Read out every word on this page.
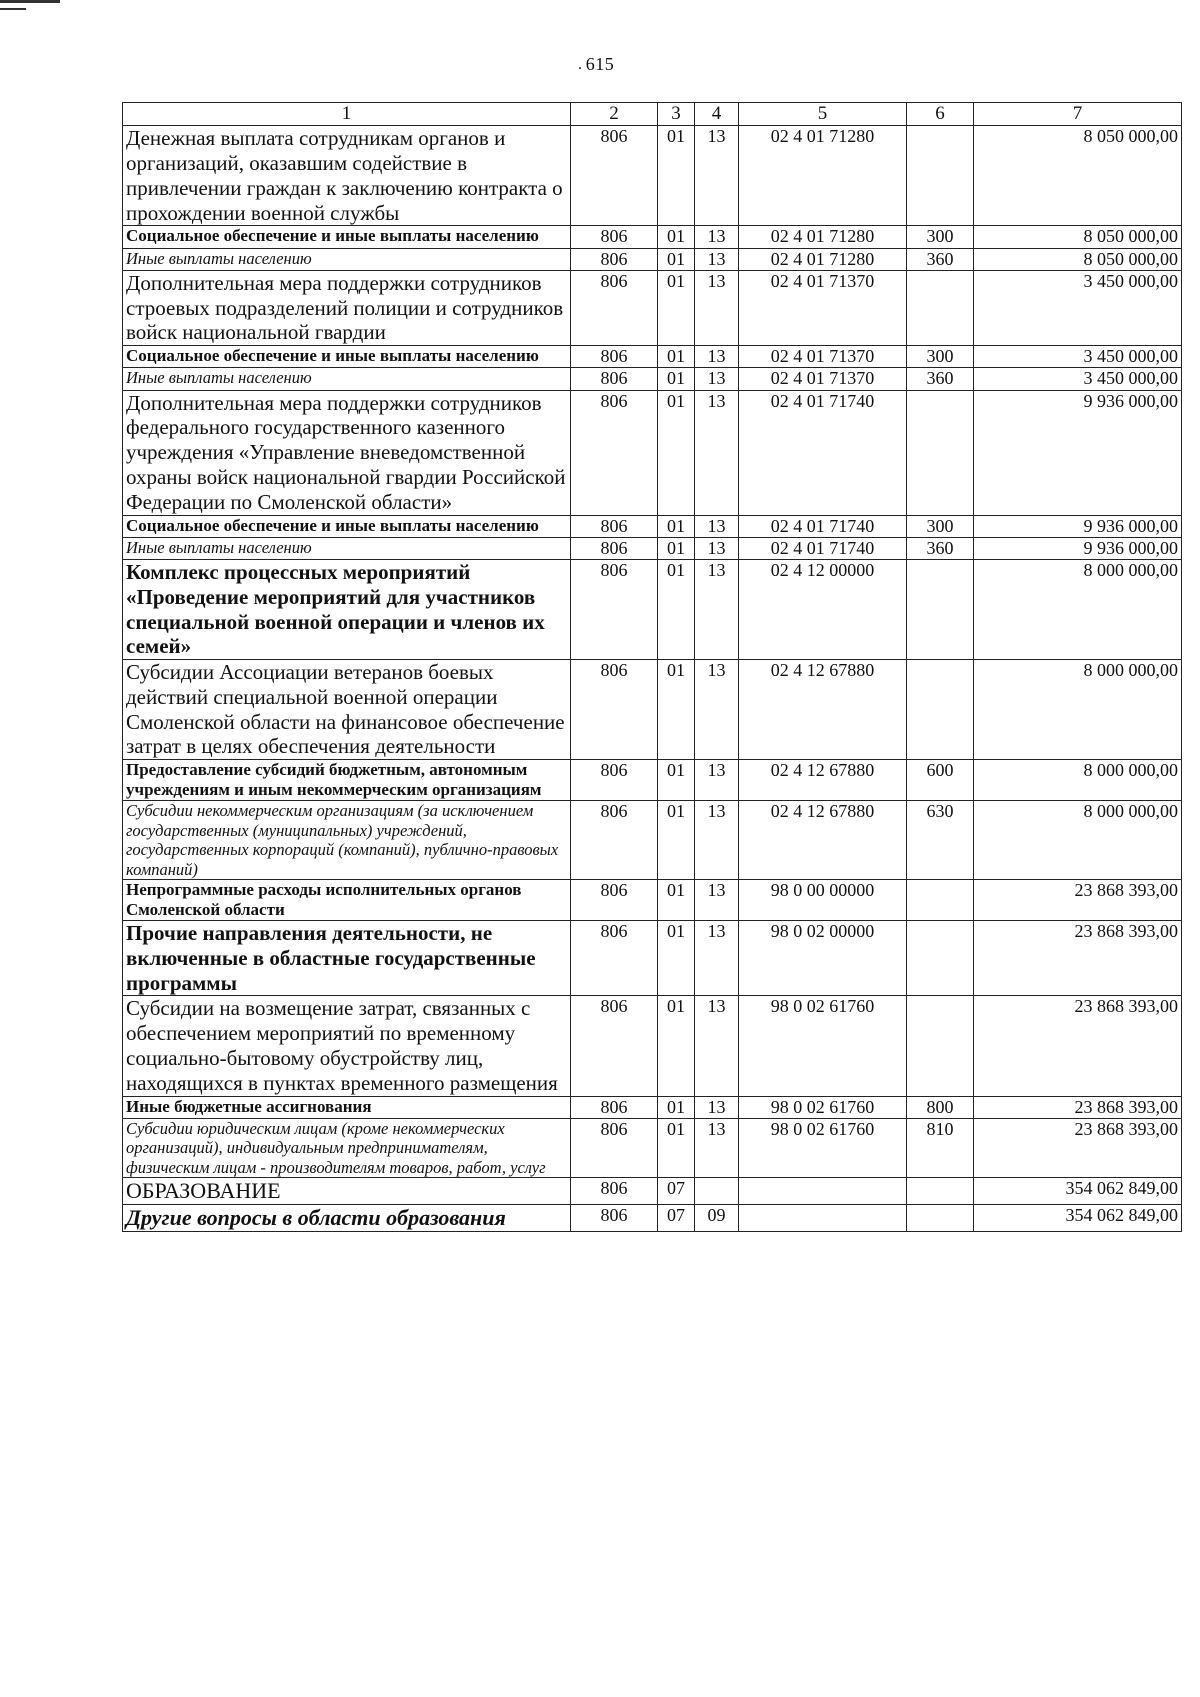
. 615
1	2	3	4	5	6	7
Денежная выплата сотрудникам органов и организаций, оказавшим содействие в привлечении граждан к заключению контракта о прохождении военной службы	806	01	13	02 4 01 71280		8 050 000,00
Социальное обеспечение и иные выплаты населению	806	01	13	02 4 01 71280	300	8 050 000,00
Иные выплаты населению	806	01	13	02 4 01 71280	360	8 050 000,00
Дополнительная мера поддержки сотрудников строевых подразделений полиции и сотрудников войск национальной гвардии	806	01	13	02 4 01 71370		3 450 000,00
Социальное обеспечение и иные выплаты населению	806	01	13	02 4 01 71370	300	3 450 000,00
Иные выплаты населению	806	01	13	02 4 01 71370	360	3 450 000,00
Дополнительная мера поддержки сотрудников федерального государственного казенного учреждения «Управление вневедомственной охраны войск национальной гвардии Российской Федерации по Смоленской области»	806	01	13	02 4 01 71740		9 936 000,00
Социальное обеспечение и иные выплаты населению	806	01	13	02 4 01 71740	300	9 936 000,00
Иные выплаты населению	806	01	13	02 4 01 71740	360	9 936 000,00
Комплекс процессных мероприятий «Проведение мероприятий для участников специальной военной операции и членов их семей»	806	01	13	02 4 12 00000		8 000 000,00
Субсидии Ассоциации ветеранов боевых действий специальной военной операции Смоленской области на финансовое обеспечение затрат в целях обеспечения деятельности	806	01	13	02 4 12 67880		8 000 000,00
Предоставление субсидий бюджетным, автономным учреждениям и иным некоммерческим организациям	806	01	13	02 4 12 67880	600	8 000 000,00
Субсидии некоммерческим организациям (за исключением государственных (муниципальных) учреждений, государственных корпораций (компаний), публично-правовых компаний)	806	01	13	02 4 12 67880	630	8 000 000,00
Непрограммные расходы исполнительных органов Смоленской области	806	01	13	98 0 00 00000		23 868 393,00
Прочие направления деятельности, не включенные в областные государственные программы	806	01	13	98 0 02 00000		23 868 393,00
Субсидии на возмещение затрат, связанных с обеспечением мероприятий по временному социально-бытовому обустройству лиц, находящихся в пунктах временного размещения	806	01	13	98 0 02 61760		23 868 393,00
Иные бюджетные ассигнования	806	01	13	98 0 02 61760	800	23 868 393,00
Субсидии юридическим лицам (кроме некоммерческих организаций), индивидуальным предпринимателям, физическим лицам - производителям товаров, работ, услуг	806	01	13	98 0 02 61760	810	23 868 393,00
ОБРАЗОВАНИЕ	806	07				354 062 849,00
Другие вопросы в области образования	806	07	09			354 062 849,00
